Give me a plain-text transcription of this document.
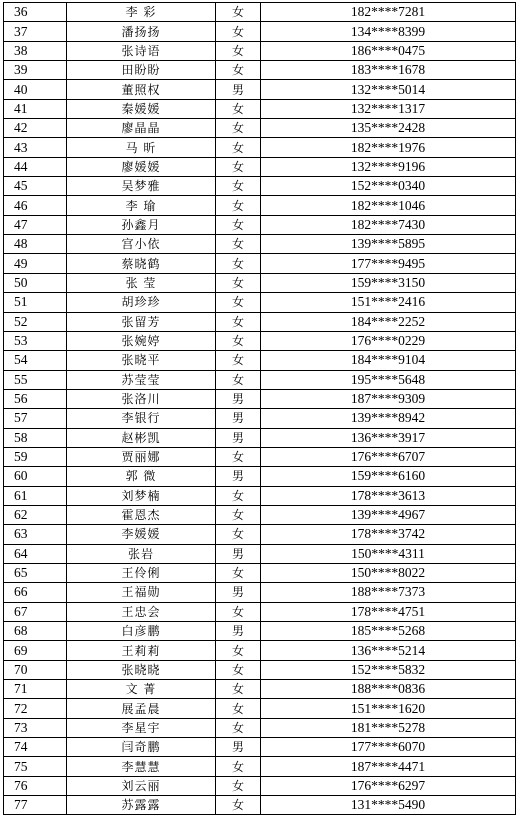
36	李 彩	女	182****7281
37	潘扬扬	女	134****8399
38	张诗语	女	186****0475
39	田盼盼	女	183****1678
40	董照权	男	132****5014
41	秦媛媛	女	132****1317
42	廖晶晶	女	135****2428
43	马 昕	女	182****1976
44	廖媛媛	女	132****9196
45	吴梦雅	女	152****0340
46	李 瑜	女	182****1046
47	孙鑫月	女	182****7430
48	宫小依	女	139****5895
49	蔡晓鹤	女	177****9495
50	张 莹	女	159****3150
51	胡珍珍	女	151****2416
52	张留芳	女	184****2252
53	张婉婷	女	176****0229
54	张晓平	女	184****9104
55	苏莹莹	女	195****5648
56	张洛川	男	187****9309
57	李银行	男	139****8942
58	赵彬凯	男	136****3917
59	贾丽娜	女	176****6707
60	郭 微	男	159****6160
61	刘梦楠	女	178****3613
62	霍恩杰	女	139****4967
63	李媛媛	女	178****3742
64	张岩	男	150****4311
65	王伶俐	女	150****8022
66	王福勋	男	188****7373
67	王忠会	女	178****4751
68	白彦鹏	男	185****5268
69	王莉莉	女	136****5214
70	张晓晓	女	152****5832
71	文 菁	女	188****0836
72	展孟晨	女	151****1620
73	李星宇	女	181****5278
74	闫奇鹏	男	177****6070
75	李慧慧	女	187****4471
76	刘云丽	女	176****6297
77	苏露露	女	131****5490
